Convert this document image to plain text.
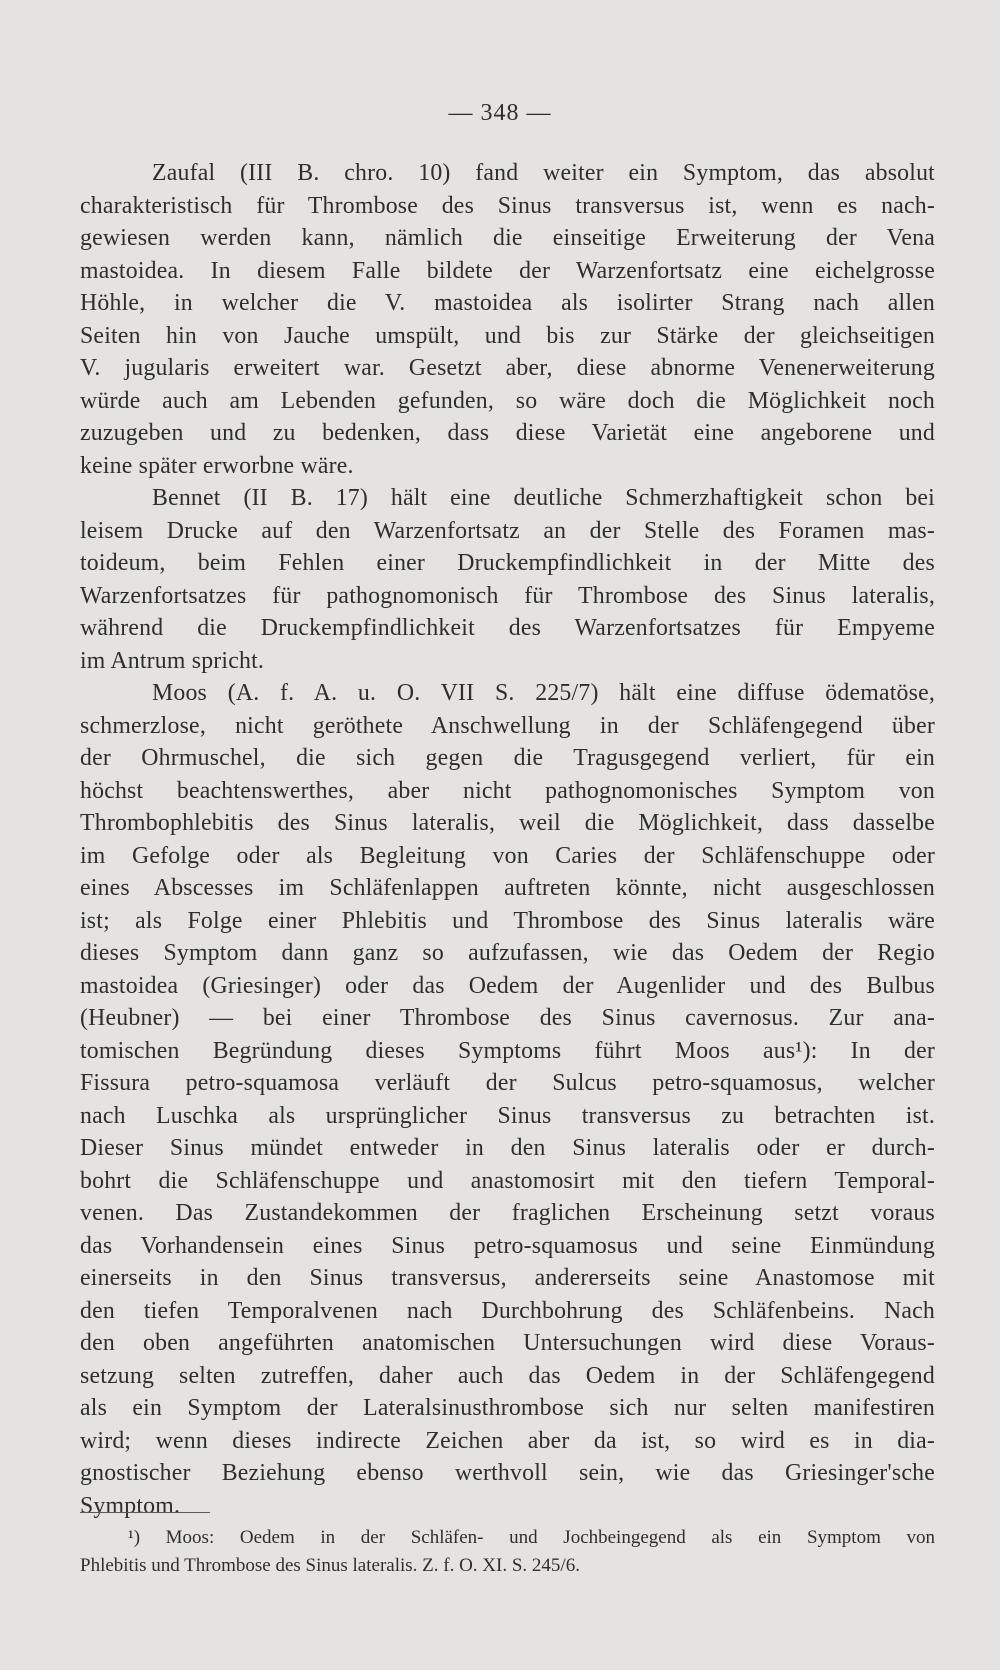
— 348 —
Zaufal (III B. chro. 10) fand weiter ein Symptom, das absolut
charakteristisch für Thrombose des Sinus transversus ist, wenn es nach-
gewiesen werden kann, nämlich die einseitige Erweiterung der Vena
mastoidea. In diesem Falle bildete der Warzenfortsatz eine eichelgrosse
Höhle, in welcher die V. mastoidea als isolirter Strang nach allen
Seiten hin von Jauche umspült, und bis zur Stärke der gleichseitigen
V. jugularis erweitert war. Gesetzt aber, diese abnorme Venenerweiterung
würde auch am Lebenden gefunden, so wäre doch die Möglichkeit noch
zuzugeben und zu bedenken, dass diese Varietät eine angeborene und
keine später erworbne wäre.
Bennet (II B. 17) hält eine deutliche Schmerzhaftigkeit schon bei
leisem Drucke auf den Warzenfortsatz an der Stelle des Foramen mas-
toideum, beim Fehlen einer Druckempfindlichkeit in der Mitte des
Warzenfortsatzes für pathognomonisch für Thrombose des Sinus lateralis,
während die Druckempfindlichkeit des Warzenfortsatzes für Empyeme
im Antrum spricht.
Moos (A. f. A. u. O. VII S. 225/7) hält eine diffuse ödematöse,
schmerzlose, nicht geröthete Anschwellung in der Schläfengegend über
der Ohrmuschel, die sich gegen die Tragusgegend verliert, für ein
höchst beachtenswerthes, aber nicht pathognomonisches Symptom von
Thrombophlebitis des Sinus lateralis, weil die Möglichkeit, dass dasselbe
im Gefolge oder als Begleitung von Caries der Schläfenschuppe oder
eines Abscesses im Schläfenlappen auftreten könnte, nicht ausgeschlossen
ist; als Folge einer Phlebitis und Thrombose des Sinus lateralis wäre
dieses Symptom dann ganz so aufzufassen, wie das Oedem der Regio
mastoidea (Griesinger) oder das Oedem der Augenlider und des Bulbus
(Heubner) — bei einer Thrombose des Sinus cavernosus. Zur ana-
tomischen Begründung dieses Symptoms führt Moos aus¹): In der
Fissura petro-squamosa verläuft der Sulcus petro-squamosus, welcher
nach Luschka als ursprünglicher Sinus transversus zu betrachten ist.
Dieser Sinus mündet entweder in den Sinus lateralis oder er durch-
bohrt die Schläfenschuppe und anastomosirt mit den tiefern Temporal-
venen. Das Zustandekommen der fraglichen Erscheinung setzt voraus
das Vorhandensein eines Sinus petro-squamosus und seine Einmündung
einerseits in den Sinus transversus, andererseits seine Anastomose mit
den tiefen Temporalvenen nach Durchbohrung des Schläfenbeins. Nach
den oben angeführten anatomischen Untersuchungen wird diese Voraus-
setzung selten zutreffen, daher auch das Oedem in der Schläfengegend
als ein Symptom der Lateralsinusthrombose sich nur selten manifestiren
wird; wenn dieses indirecte Zeichen aber da ist, so wird es in dia-
gnostischer Beziehung ebenso werthvoll sein, wie das Griesinger'sche
Symptom.
¹) Moos: Oedem in der Schläfen- und Jochbeingegend als ein Symptom von
Phlebitis und Thrombose des Sinus lateralis. Z. f. O. XI. S. 245/6.
